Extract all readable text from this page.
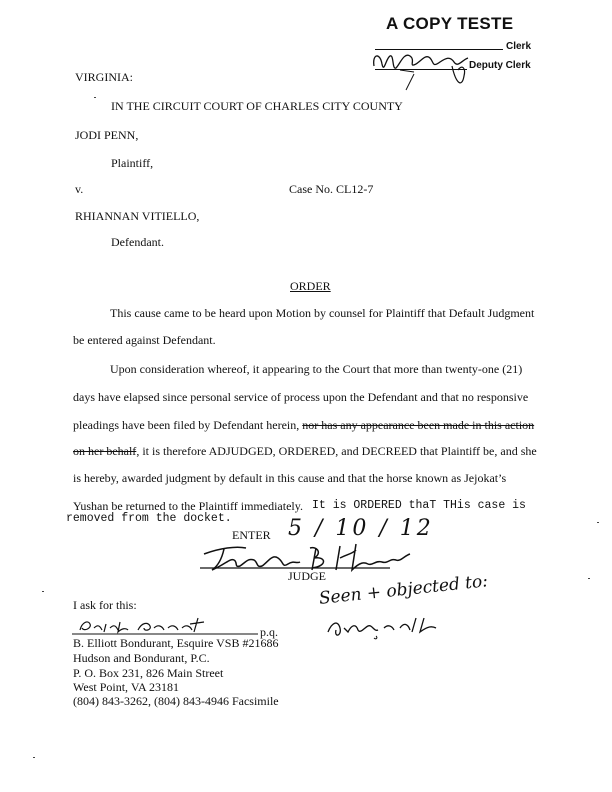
A COPY TESTE
Clerk
Deputy Clerk
VIRGINIA:
IN THE CIRCUIT COURT OF CHARLES CITY COUNTY
JODI PENN,
Plaintiff,
v.	Case No. CL12-7
RHIANNAN VITIELLO,
Defendant.
ORDER
This cause came to be heard upon Motion by counsel for Plaintiff that Default Judgment
be entered against Defendant.
Upon consideration whereof, it appearing to the Court that more than twenty-one (21)
days have elapsed since personal service of process upon the Defendant and that no responsive
pleadings have been filed by Defendant herein, nor has any appearance been made in this action
on her behalf, it is therefore ADJUDGED, ORDERED, and DECREED that Plaintiff be, and she
is hereby, awarded judgment by default in this cause and that the horse known as Jejokat’s
Yushan be returned to the Plaintiff immediately. It is ORDERED thaT THis case is
removed from the docket.
ENTER 5 / 10 / 12
JUDGE
I ask for this:
p.q.
Seen + objected to:
B. Elliott Bondurant, Esquire VSB #21686
Hudson and Bondurant, P.C.
P. O. Box 231, 826 Main Street
West Point, VA 23181
(804) 843-3262, (804) 843-4946 Facsimile
